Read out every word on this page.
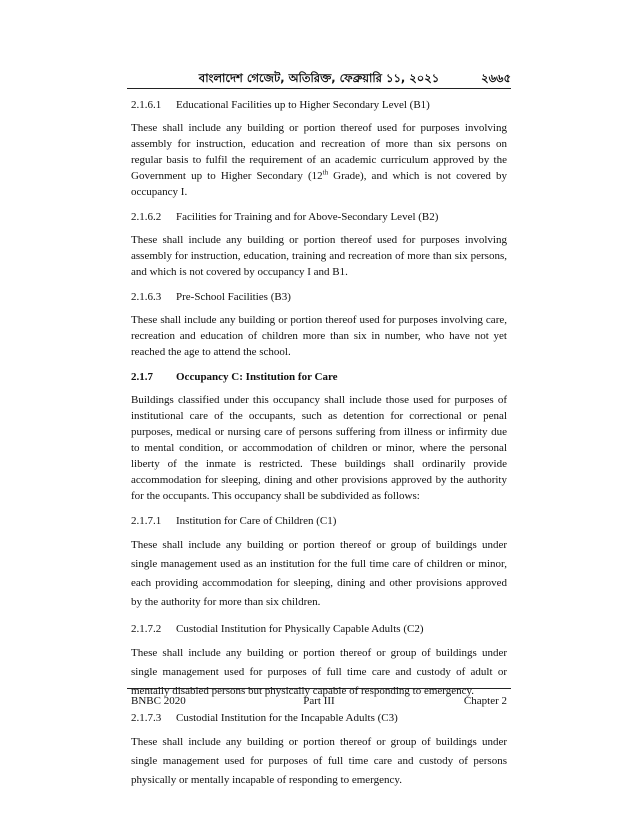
বাংলাদেশ গেজেট, অতিরিক্ত, ফেব্রুয়ারি ১১, ২০২১	২৬৬৫
2.1.6.1	Educational Facilities up to Higher Secondary Level (B1)

These shall include any building or portion thereof used for purposes involving assembly for instruction, education and recreation of more than six persons on regular basis to fulfil the requirement of an academic curriculum approved by the Government up to Higher Secondary (12th Grade), and which is not covered by occupancy I.

2.1.6.2	Facilities for Training and for Above-Secondary Level (B2)

These shall include any building or portion thereof used for purposes involving assembly for instruction, education, training and recreation of more than six persons, and which is not covered by occupancy I and B1.

2.1.6.3	Pre-School Facilities (B3)

These shall include any building or portion thereof used for purposes involving care, recreation and education of children more than six in number, who have not yet reached the age to attend the school.

2.1.7	Occupancy C: Institution for Care

Buildings classified under this occupancy shall include those used for purposes of institutional care of the occupants, such as detention for correctional or penal purposes, medical or nursing care of persons suffering from illness or infirmity due to mental condition, or accommodation of children or minor, where the personal liberty of the inmate is restricted. These buildings shall ordinarily provide accommodation for sleeping, dining and other provisions approved by the authority for the occupants. This occupancy shall be subdivided as follows:

2.1.7.1	Institution for Care of Children (C1)

These shall include any building or portion thereof or group of buildings under single management used as an institution for the full time care of children or minor, each providing accommodation for sleeping, dining and other provisions approved by the authority for more than six children.

2.1.7.2	Custodial Institution for Physically Capable Adults (C2)

These shall include any building or portion thereof or group of buildings under single management used for purposes of full time care and custody of adult or mentally disabled persons but physically capable of responding to emergency.

2.1.7.3	Custodial Institution for the Incapable Adults (C3)

These shall include any building or portion thereof or group of buildings under single management used for purposes of full time care and custody of persons physically or mentally incapable of responding to emergency.

BNBC 2020	Part III	Chapter 2
